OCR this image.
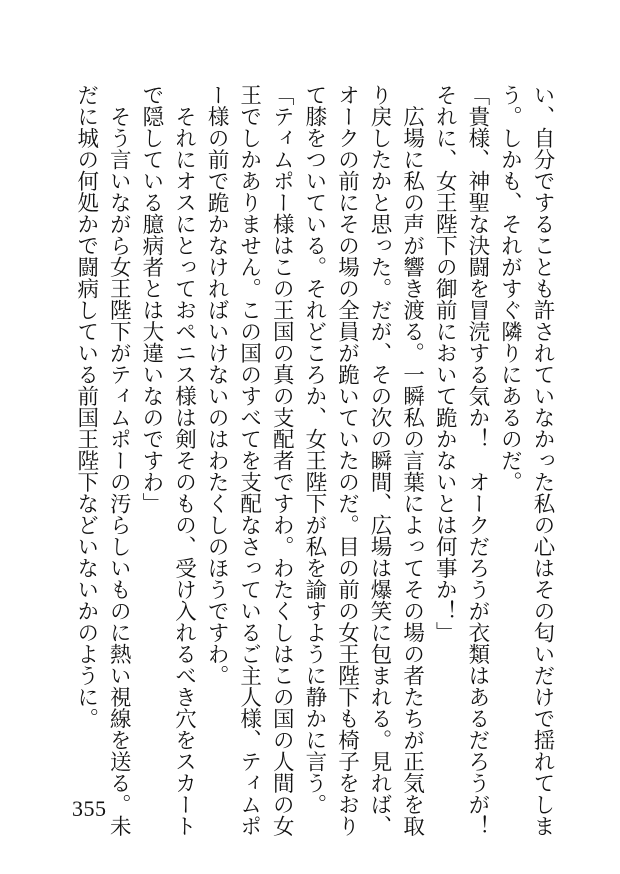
い、自分ですることも許されていなかった私の心はその匂いだけで揺れてしま

う。しかも、それがすぐ隣りにあるのだ。

「貴様、神聖な決闘を冒涜する気か！　オークだろうが衣類はあるだろうが！

それに、女王陛下の御前において跪かないとは何事か！」

　広場に私の声が響き渡る。一瞬私の言葉によってその場の者たちが正気を取

り戻したかと思った。だが、その次の瞬間、広場は爆笑に包まれる。見れば、

オークの前にその場の全員が跪いていたのだ。目の前の女王陛下も椅子をおり

て膝をついている。それどころか、女王陛下が私を諭すように静かに言う。

「ティムポー様はこの王国の真の支配者ですわ。わたくしはこの国の人間の女

王でしかありません。この国のすべてを支配なさっているご主人様、ティムポ

ー様の前で跪かなければいけないのはわたくしのほうですわ。

　それにオスにとっておペニス様は剣そのもの、受け入れるべき穴をスカート

で隠している臆病者とは大違いなのですわ」

　そう言いながら女王陛下がティムポーの汚らしいものに熱い視線を送る。未

だに城の何処かで闘病している前国王陛下などいないかのように。

355
